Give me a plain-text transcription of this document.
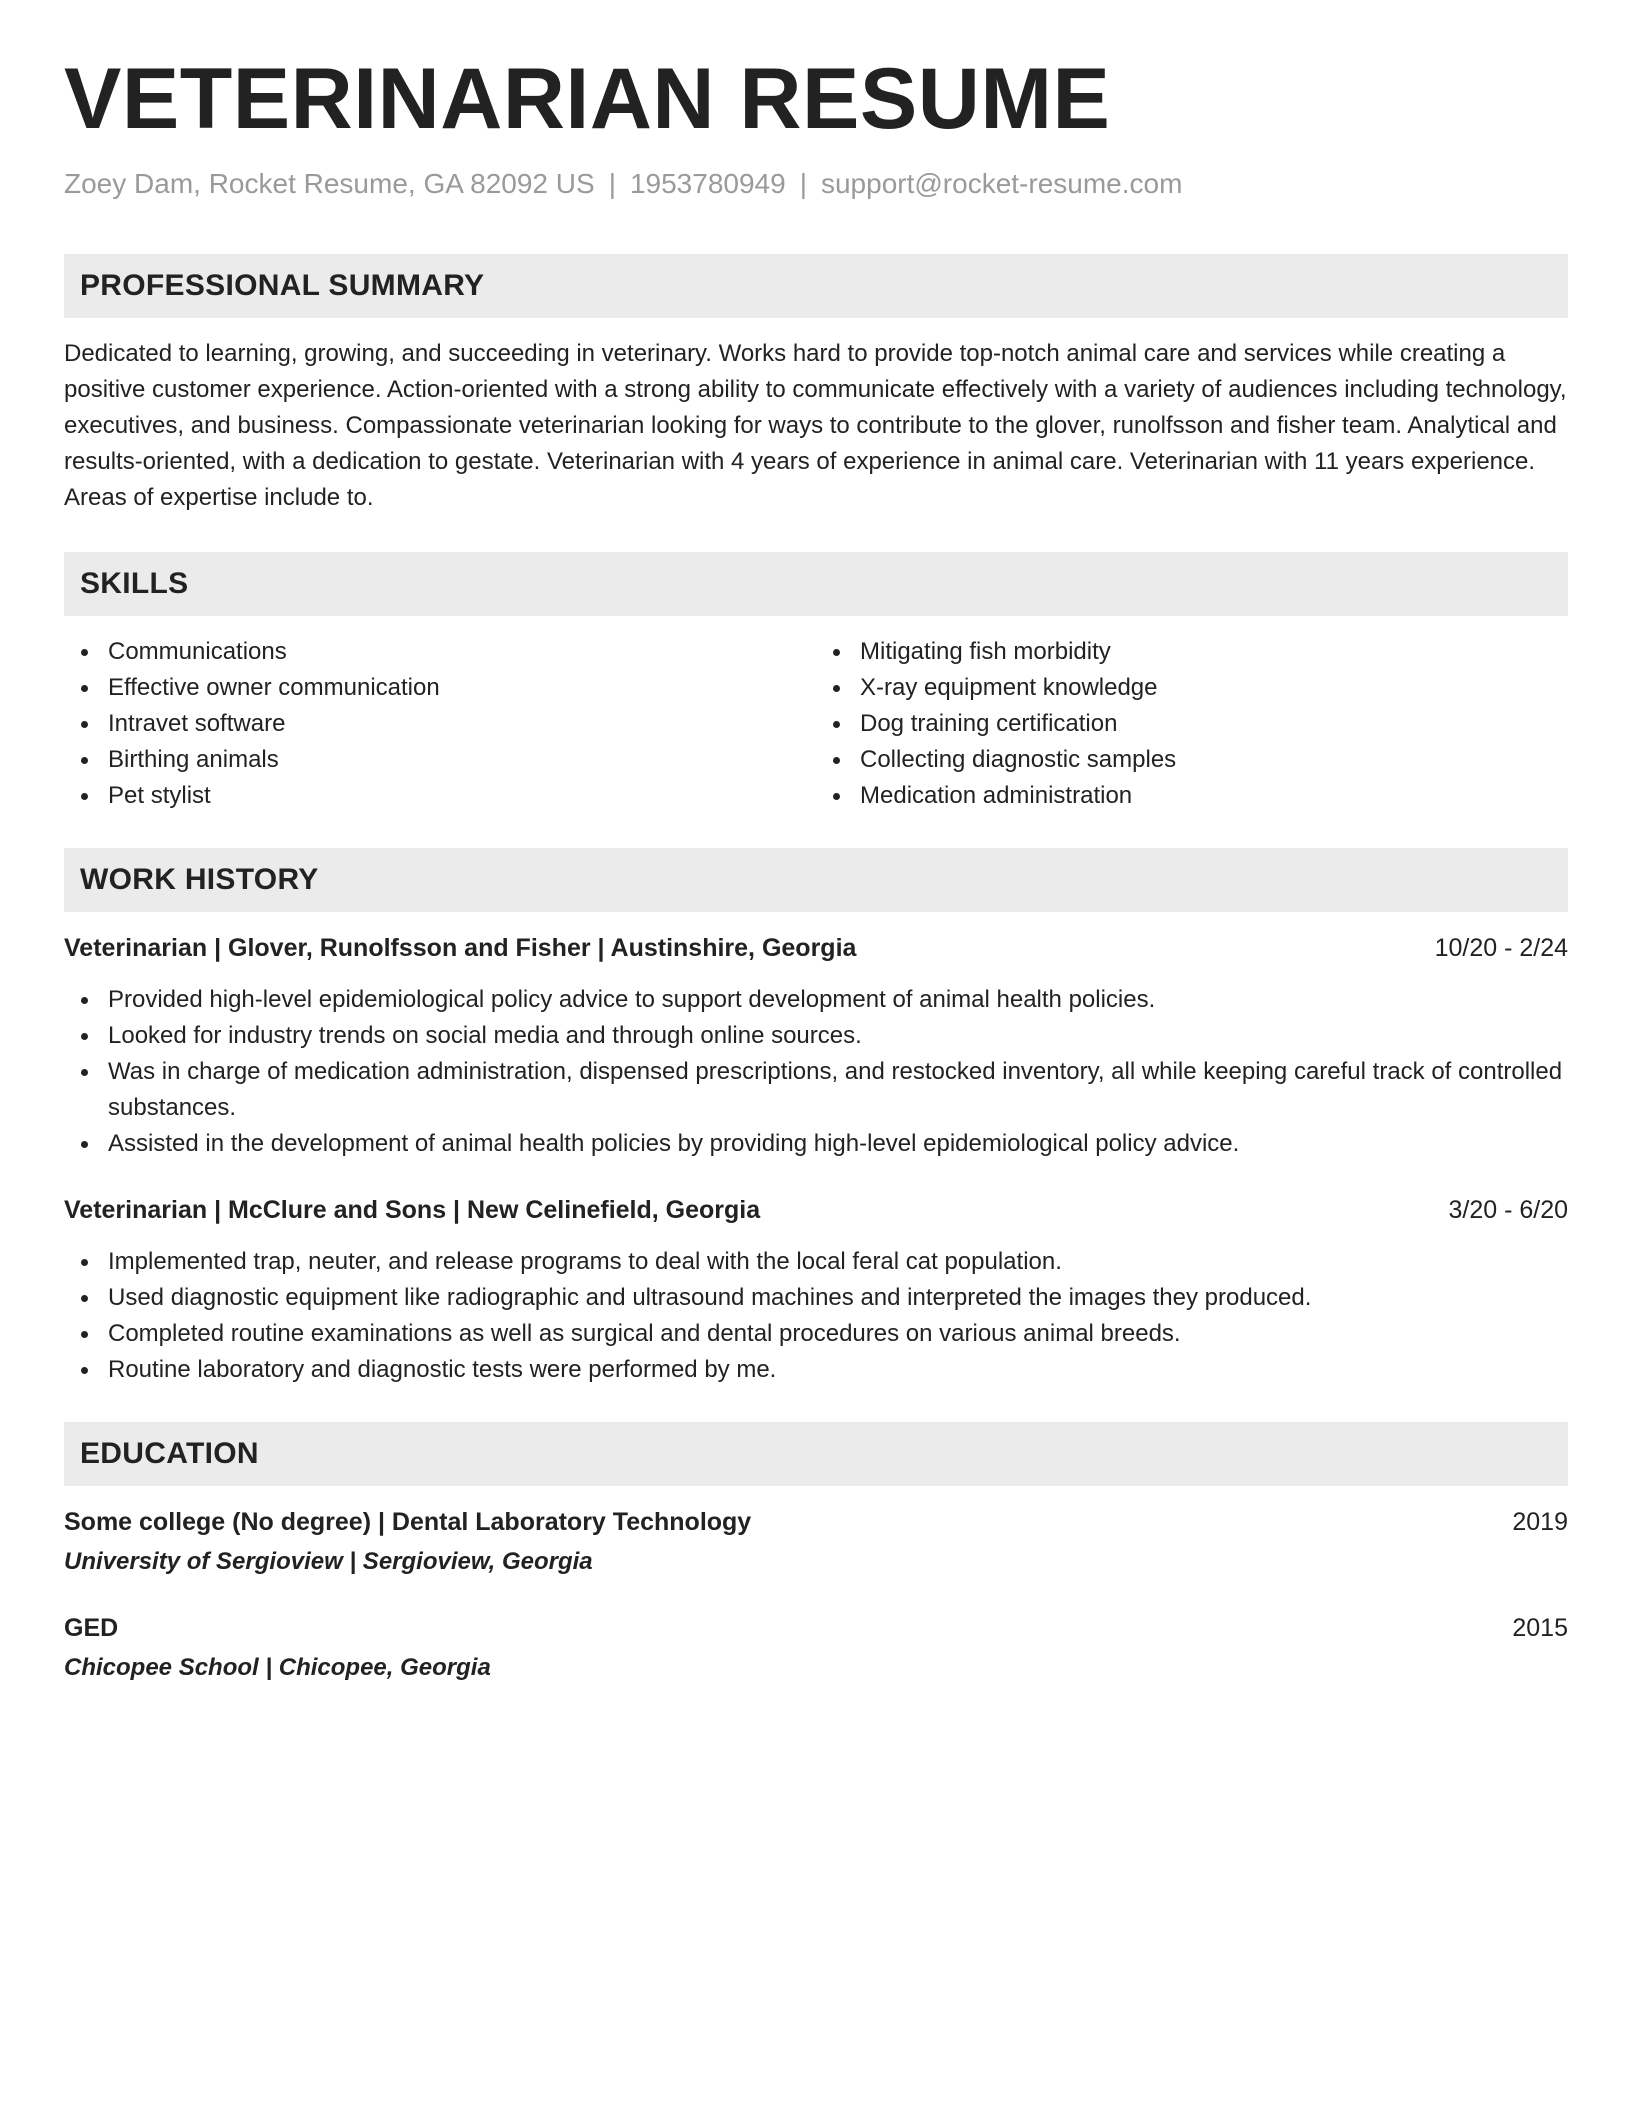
VETERINARIAN RESUME
Zoey Dam, Rocket Resume, GA 82092 US | 1953780949 | support@rocket-resume.com
PROFESSIONAL SUMMARY
Dedicated to learning, growing, and succeeding in veterinary. Works hard to provide top-notch animal care and services while creating a positive customer experience. Action-oriented with a strong ability to communicate effectively with a variety of audiences including technology, executives, and business. Compassionate veterinarian looking for ways to contribute to the glover, runolfsson and fisher team. Analytical and results-oriented, with a dedication to gestate. Veterinarian with 4 years of experience in animal care. Veterinarian with 11 years experience. Areas of expertise include to.
SKILLS
Communications
Effective owner communication
Intravet software
Birthing animals
Pet stylist
Mitigating fish morbidity
X-ray equipment knowledge
Dog training certification
Collecting diagnostic samples
Medication administration
WORK HISTORY
Veterinarian | Glover, Runolfsson and Fisher | Austinshire, Georgia	10/20 - 2/24
Provided high-level epidemiological policy advice to support development of animal health policies.
Looked for industry trends on social media and through online sources.
Was in charge of medication administration, dispensed prescriptions, and restocked inventory, all while keeping careful track of controlled substances.
Assisted in the development of animal health policies by providing high-level epidemiological policy advice.
Veterinarian | McClure and Sons | New Celinefield, Georgia	3/20 - 6/20
Implemented trap, neuter, and release programs to deal with the local feral cat population.
Used diagnostic equipment like radiographic and ultrasound machines and interpreted the images they produced.
Completed routine examinations as well as surgical and dental procedures on various animal breeds.
Routine laboratory and diagnostic tests were performed by me.
EDUCATION
Some college (No degree) | Dental Laboratory Technology	2019
University of Sergioview | Sergioview, Georgia
GED	2015
Chicopee School | Chicopee, Georgia
